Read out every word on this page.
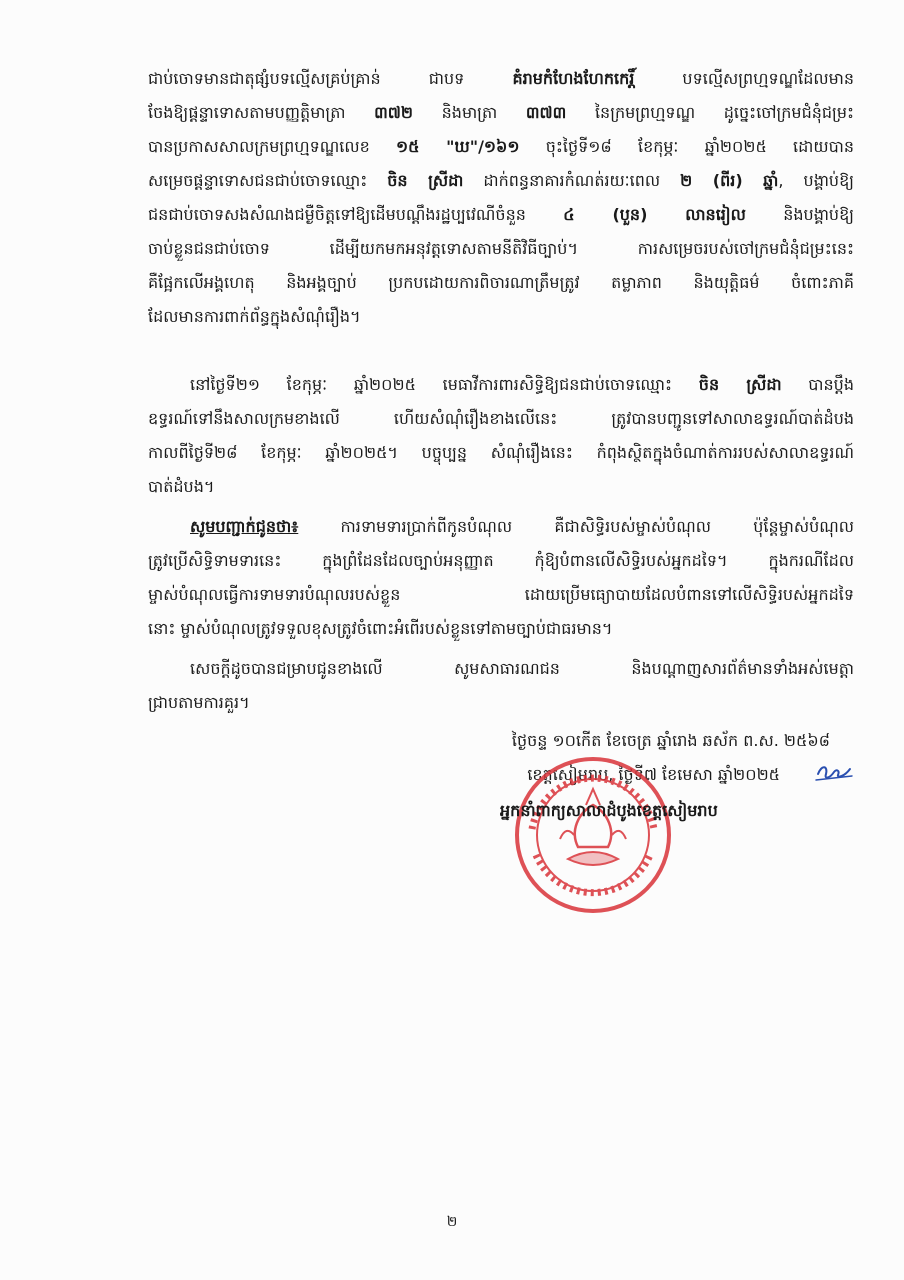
ជាប់ចោទមានជាតុផ្សំបទល្មើសគ្រប់គ្រាន់ ជាបទ គំរាមកំហែងហែកកេរ្តិ៍ បទល្មើសព្រហ្មទណ្ឌដែលមាន
ចែងឱ្យផ្តន្ទាទោសតាមបញ្ញត្តិមាត្រា ៣៧២ និងមាត្រា ៣៧៣ នៃក្រមព្រហ្មទណ្ឌ ដូច្នេះចៅក្រមជំនុំជម្រះ
បានប្រកាសសាលក្រមព្រហ្មទណ្ឌលេខ ១៥ "ឃ"/១៦១ ចុះថ្ងៃទី១៨ ខែកុម្ភៈ ឆ្នាំ២០២៥ ដោយបាន
សម្រេចផ្តន្ទាទោសជនជាប់ចោទឈ្មោះ ចិន ស្រីដា ដាក់ពន្ធនាគារកំណត់រយៈពេល ២ (ពីរ) ឆ្នាំ, បង្គាប់ឱ្យ
ជនជាប់ចោទសងសំណងជម្ងឺចិត្តទៅឱ្យដើមបណ្តឹងរដ្ឋប្បវេណីចំនួន ៤ (បួន) លានរៀល និងបង្គាប់ឱ្យ
ចាប់ខ្លួនជនជាប់ចោទ ដើម្បីយកមកអនុវត្តទោសតាមនីតិវិធីច្បាប់។ ការសម្រេចរបស់ចៅក្រមជំនុំជម្រះនេះ
គឺផ្អែកលើអង្គហេតុ និងអង្គច្បាប់ ប្រកបដោយការពិចារណាត្រឹមត្រូវ តម្លាភាព និងយុត្តិធម៌ ចំពោះភាគី
ដែលមានការពាក់ព័ន្ធក្នុងសំណុំរឿង។
នៅថ្ងៃទី២១ ខែកុម្ភៈ ឆ្នាំ២០២៥ មេធាវីការពារសិទ្ធិឱ្យជនជាប់ចោទឈ្មោះ ចិន ស្រីដា បានប្តឹង
ឧទ្ធរណ៍ទៅនឹងសាលក្រមខាងលើ ហើយសំណុំរឿងខាងលើនេះ ត្រូវបានបញ្ជូនទៅសាលាឧទ្ធរណ៍បាត់ដំបង
កាលពីថ្ងៃទី២៨ ខែកុម្ភៈ ឆ្នាំ២០២៥។ បច្ចុប្បន្ន សំណុំរឿងនេះ កំពុងស្ថិតក្នុងចំណាត់ការរបស់សាលាឧទ្ធរណ៍
បាត់ដំបង។
សូមបញ្ជាក់ជូនថា៖ ការទាមទារប្រាក់ពីកូនបំណុល គឺជាសិទ្ធិរបស់ម្ចាស់បំណុល ប៉ុន្តែម្ចាស់បំណុល
ត្រូវប្រើសិទ្ធិទាមទារនេះ ក្នុងព្រំដែនដែលច្បាប់អនុញ្ញាត កុំឱ្យបំពានលើសិទ្ធិរបស់អ្នកដទៃ។ ក្នុងករណីដែល
ម្ចាស់បំណុលធ្វើការទាមទារបំណុលរបស់ខ្លួន ដោយប្រើមធ្យោបាយដែលបំពានទៅលើសិទ្ធិរបស់អ្នកដទៃ
នោះ ម្ចាស់បំណុលត្រូវទទួលខុសត្រូវចំពោះអំពើរបស់ខ្លួនទៅតាមច្បាប់ជាធរមាន។
សេចក្តីដូចបានជម្រាបជូនខាងលើ សូមសាធារណជន និងបណ្តាញសារព័ត៌មានទាំងអស់មេត្តា
ជ្រាបតាមការគួរ។
ថ្ងៃចន្ទ ១០កើត ខែចេត្រ ឆ្នាំរោង ឆស័ក ព.ស. ២៥៦៨
ខេត្តសៀមរាប, ថ្ងៃទី៧ ខែមេសា ឆ្នាំ២០២៥
អ្នកនាំពាក្យសាលាដំបូងខេត្តសៀមរាប
២
